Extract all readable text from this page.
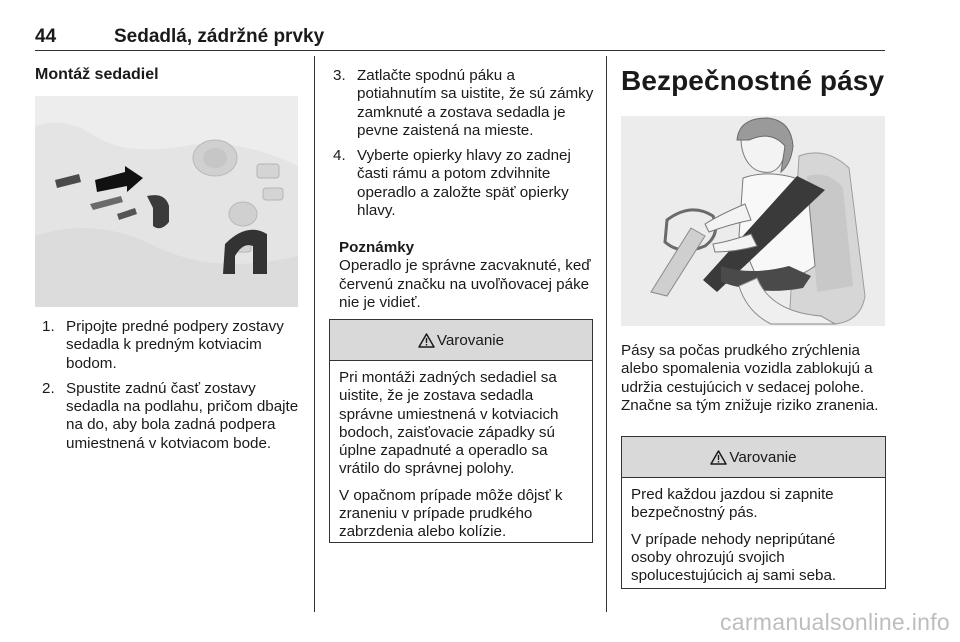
44	Sedadlá, zádržné prvky
Montáž sedadiel
1. Pripojte predné podpery zostavy sedadla k predným kotviacim bodom.
2. Spustite zadnú časť zostavy sedadla na podlahu, pričom dbajte na do, aby bola zadná podpera umiestnená v kotviacom bode.
3. Zatlačte spodnú páku a potiahnutím sa uistite, že sú zámky zamknuté a zostava sedadla je pevne zaistená na mieste.
4. Vyberte opierky hlavy zo zadnej časti rámu a potom zdvihnite operadlo a založte späť opierky hlavy.
Poznámky
Operadlo je správne zacvaknuté, keď červenú značku na uvoľňovacej páke nie je vidieť.
Varovanie

Pri montáži zadných sedadiel sa uistite, že je zostava sedadla správne umiestnená v kotviacich bodoch, zaisťovacie západky sú úplne zapadnuté a operadlo sa vrátilo do správnej polohy.

V opačnom prípade môže dôjsť k zraneniu v prípade prudkého zabrzdenia alebo kolízie.

Bezpečnostné pásy
Pásy sa počas prudkého zrýchlenia alebo spomalenia vozidla zablokujú a udržia cestujúcich v sedacej polohe. Značne sa tým znižuje riziko zranenia.
Varovanie

Pred každou jazdou si zapnite bezpečnostný pás.

V prípade nehody nepripútané osoby ohrozujú svojich spolucestujúcich aj sami seba.

carmanualsonline.info
